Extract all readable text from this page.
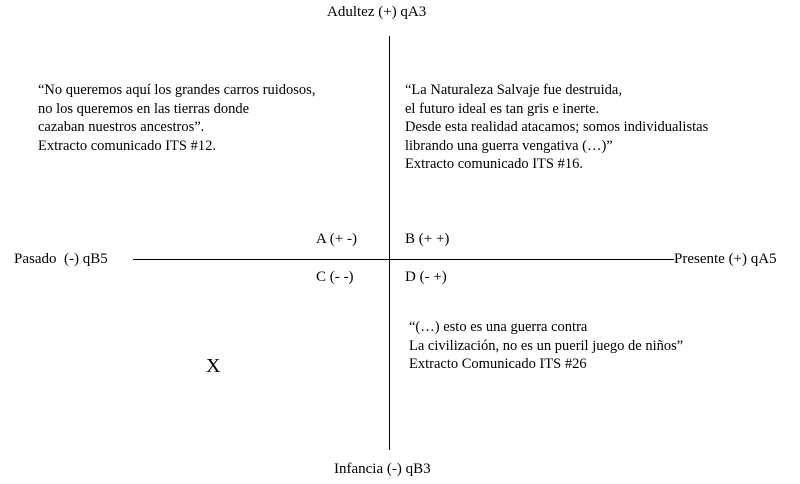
Adultez (+) qA3
Infancia (-) qB3
Pasado  (-) qB5	Presente (+) qA5
A (+ -)	B (+ +)
C (- -)	D (- +)
“No queremos aquí los grandes carros ruidosos,
no los queremos en las tierras donde
cazaban nuestros ancestros”.
Extracto comunicado ITS #12.
“La Naturaleza Salvaje fue destruida,
el futuro ideal es tan gris e inerte.
Desde esta realidad atacamos; somos individualistas
librando una guerra vengativa (…)”
Extracto comunicado ITS #16.
“(…) esto es una guerra contra
La civilización, no es un pueril juego de niños”
Extracto Comunicado ITS #26
X
